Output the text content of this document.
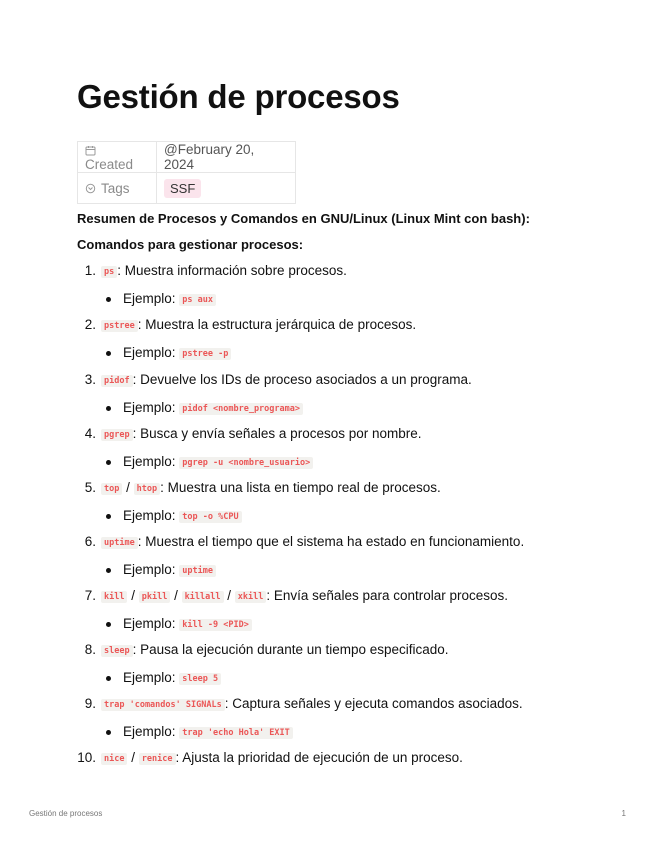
Gestión de procesos
Created	@February 20, 2024
Tags	SSF

Resumen de Procesos y Comandos en GNU/Linux (Linux Mint con bash):

Comandos para gestionar procesos:

1. ps : Muestra información sobre procesos.
Ejemplo: ps aux
2. pstree : Muestra la estructura jerárquica de procesos.
Ejemplo: pstree -p
3. pidof : Devuelve los IDs de proceso asociados a un programa.
Ejemplo: pidof <nombre_programa>
4. pgrep : Busca y envía señales a procesos por nombre.
Ejemplo: pgrep -u <nombre_usuario>
5. top / htop : Muestra una lista en tiempo real de procesos.
Ejemplo: top -o %CPU
6. uptime : Muestra el tiempo que el sistema ha estado en funcionamiento.
Ejemplo: uptime
7. kill / pkill / killall / xkill : Envía señales para controlar procesos.
Ejemplo: kill -9 <PID>
8. sleep : Pausa la ejecución durante un tiempo especificado.
Ejemplo: sleep 5
9. trap 'comandos' SIGNALs : Captura señales y ejecuta comandos asociados.
Ejemplo: trap 'echo Hola' EXIT
10. nice / renice : Ajusta la prioridad de ejecución de un proceso.
Gestión de procesos	1
